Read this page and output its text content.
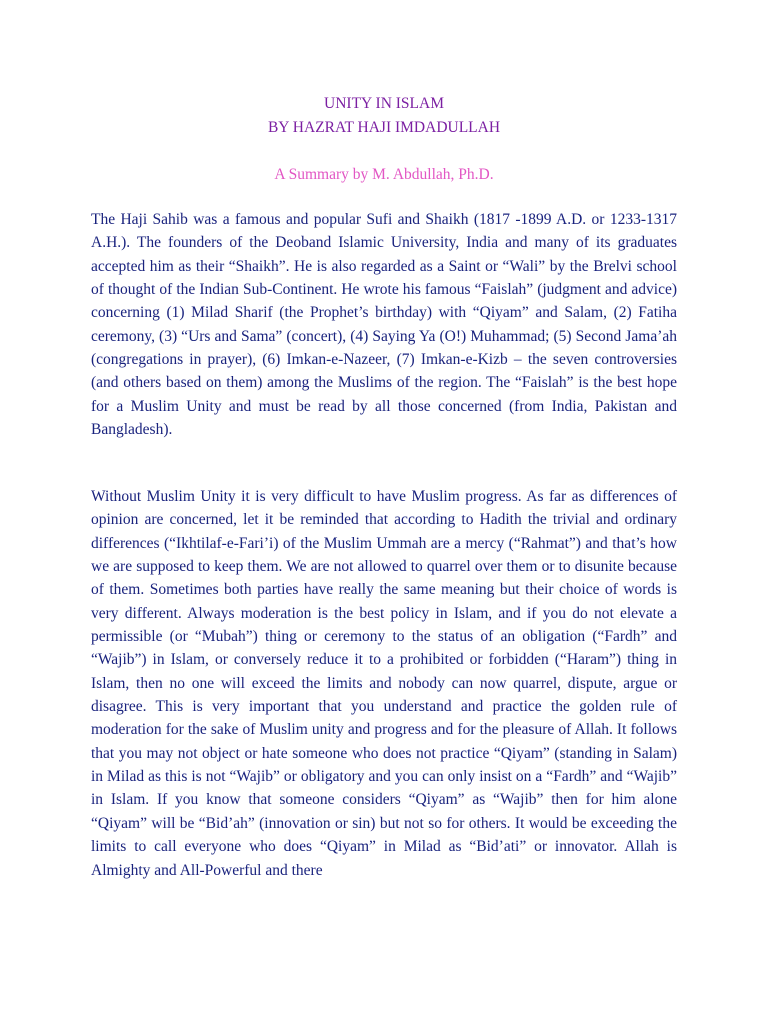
UNITY IN ISLAM
BY HAZRAT HAJI IMDADULLAH

A Summary by M. Abdullah, Ph.D.

The Haji Sahib was a famous and popular Sufi and Shaikh (1817 -1899 A.D. or 1233-1317 A.H.). The founders of the Deoband Islamic University, India and many of its graduates accepted him as their “Shaikh”. He is also regarded as a Saint or “Wali” by the Brelvi school of thought of the Indian Sub-Continent. He wrote his famous “Faislah” (judgment and advice) concerning (1) Milad Sharif (the Prophet’s birthday) with “Qiyam” and Salam, (2) Fatiha ceremony, (3) “Urs and Sama” (concert), (4) Saying Ya (O!) Muhammad; (5) Second Jama’ah (congregations in prayer), (6) Imkan-e-Nazeer, (7) Imkan-e-Kizb – the seven controversies (and others based on them) among the Muslims of the region. The “Faislah” is the best hope for a Muslim Unity and must be read by all those concerned (from India, Pakistan and Bangladesh).

Without Muslim Unity it is very difficult to have Muslim progress. As far as differences of opinion are concerned, let it be reminded that according to Hadith the trivial and ordinary differences (“Ikhtilaf-e-Fari’i) of the Muslim Ummah are a mercy (“Rahmat”) and that’s how we are supposed to keep them. We are not allowed to quarrel over them or to disunite because of them. Sometimes both parties have really the same meaning but their choice of words is very different. Always moderation is the best policy in Islam, and if you do not elevate a permissible (or “Mubah”) thing or ceremony to the status of an obligation (“Fardh” and “Wajib”) in Islam, or conversely reduce it to a prohibited or forbidden (“Haram”) thing in Islam, then no one will exceed the limits and nobody can now quarrel, dispute, argue or disagree. This is very important that you understand and practice the golden rule of moderation for the sake of Muslim unity and progress and for the pleasure of Allah. It follows that you may not object or hate someone who does not practice “Qiyam” (standing in Salam) in Milad as this is not “Wajib” or obligatory and you can only insist on a “Fardh” and “Wajib” in Islam. If you know that someone considers “Qiyam” as “Wajib” then for him alone “Qiyam” will be “Bid’ah” (innovation or sin) but not so for others. It would be exceeding the limits to call everyone who does “Qiyam” in Milad as “Bid’ati” or innovator. Allah is Almighty and All-Powerful and there
